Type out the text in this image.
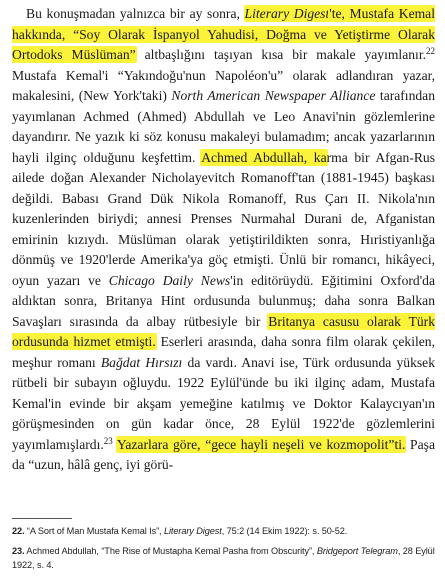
Bu konuşmadan yalnızca bir ay sonra, Literary Digest'te, Mustafa Kemal hakkında, “Soy Olarak İspanyol Yahudisi, Doğma ve Yetiştirme Olarak Ortodoks Müslüman” altbaşlığını taşıyan kısa bir makale yayımlanır.$^{22}$ Mustafa Kemal'i “Yakındoğu'nun Napoléon'u” olarak adlandıran yazar, makalesini, (New York'taki) North American Newspaper Alliance tarafından yayımlanan Achmed (Ahmed) Abdullah ve Leo Anavi'nin gözlemlerine dayandırır. Ne yazık ki söz konusu makaleyi bulamadım; ancak yazarlarının hayli ilginç olduğunu keşfettim. Achmed Abdullah, karma bir Afgan-Rus ailede doğan Alexander Nicholayevitch Romanoff'tan (1881-1945) başkası değildi. Babası Grand Dük Nikola Romanoff, Rus Çarı II. Nikola'nın kuzenlerinden biriydi; annesi Prenses Nurmahal Durani de, Afganistan emirinin kızıydı. Müslüman olarak yetiştirildikten sonra, Hıristiyanlığa dönmüş ve 1920'lerde Amerika'ya göç etmişti. Ünlü bir romancı, hikâyeci, oyun yazarı ve Chicago Daily News'in editörüydü. Eğitimini Oxford'da aldıktan sonra, Britanya Hint ordusunda bulunmuş; daha sonra Balkan Savaşları sırasında da albay rütbesiyle bir Britanya casusu olarak Türk ordusunda hizmet etmişti. Eserleri arasında, daha sonra film olarak çekilen, meşhur romanı Bağdat Hırsızı da vardı. Anavi ise, Türk ordusunda yüksek rütbeli bir subayın oğluydu. 1922 Eylül'ünde bu iki ilginç adam, Mustafa Kemal'in evinde bir akşam yemeğine katılmış ve Doktor Kalaycıyan'ın görüşmesinden on gün kadar önce, 28 Eylül 1922'de gözlemlerini yayımlamışlardı.$^{23}$ Yazarlara göre, “gece hayli neşeli ve kozmopolit”ti. Paşa da “uzun, hâlâ genç, iyi görü-

22. “A Sort of Man Mustafa Kemal Is”, Literary Digest, 75:2 (14 Ekim 1922): s. 50-52.
23. Achmed Abdullah, “The Rise of Mustapha Kemal Pasha from Obscurity”, Bridgeport Telegram, 28 Eylül 1922, s. 4.
